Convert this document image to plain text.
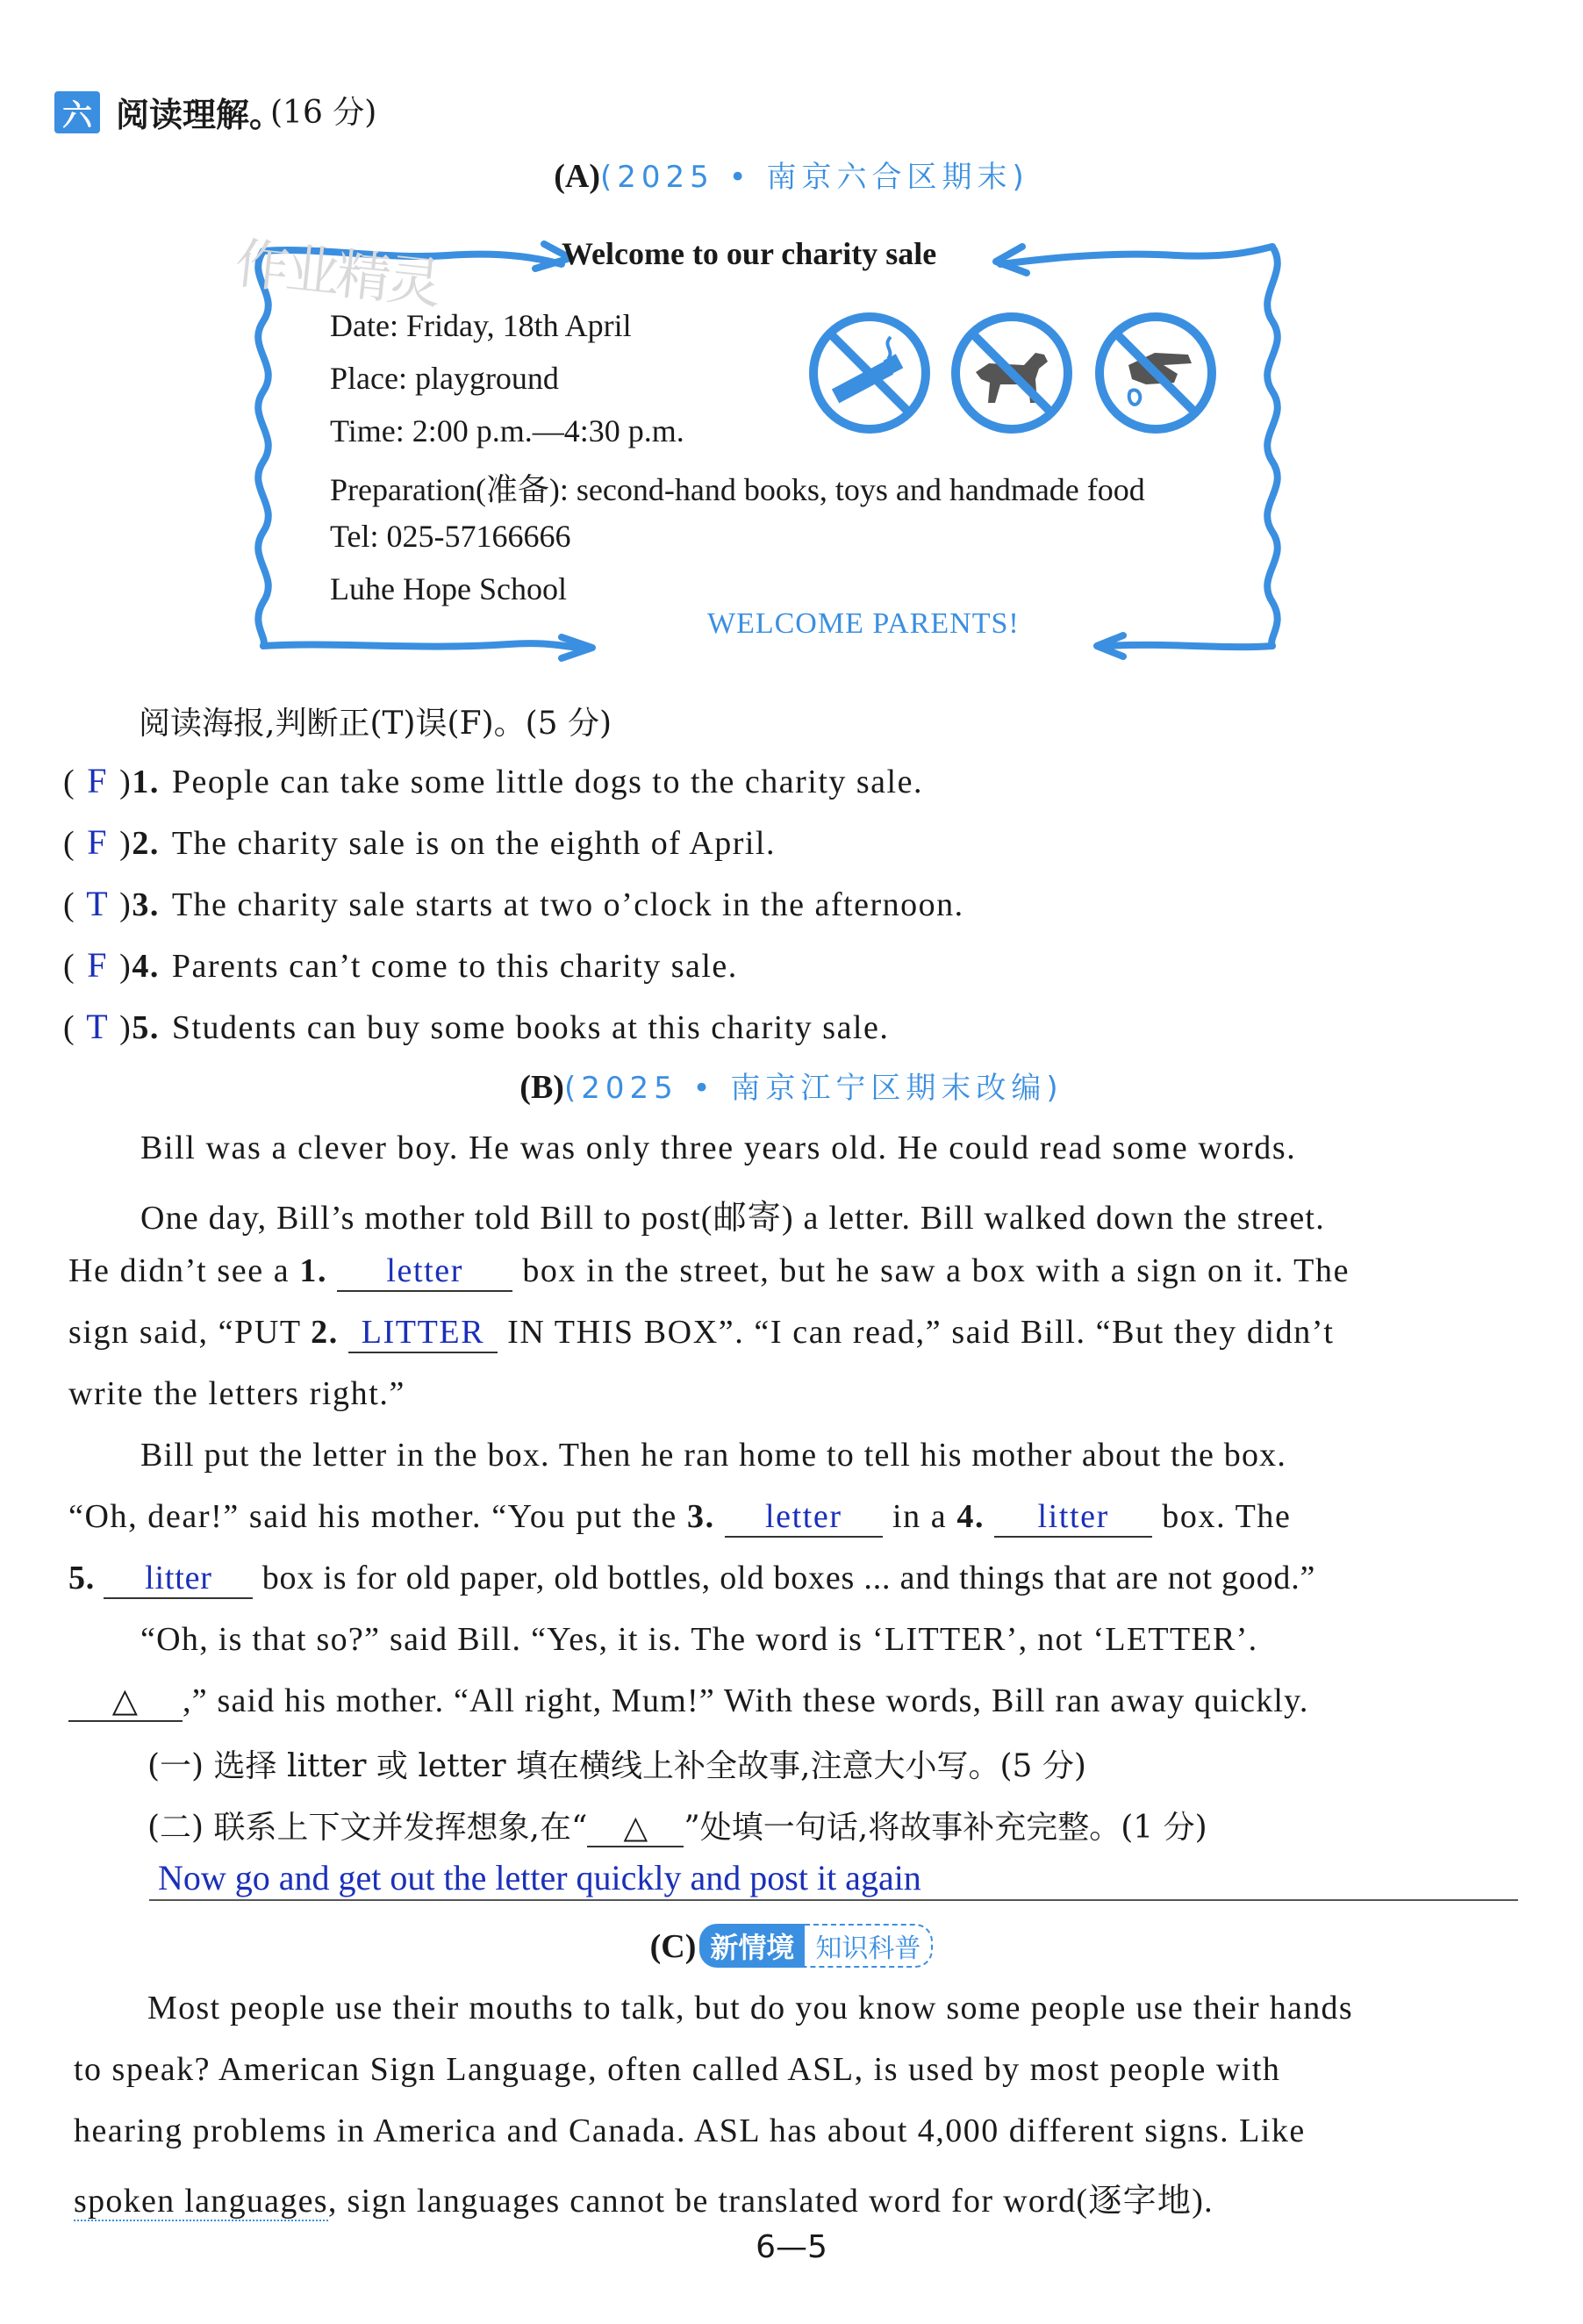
六 阅读理解。
(16 分)
(A)(2025 • 南京六合区期末)
作业精灵	Welcome to our charity sale
Date: Friday, 18th April
Place: playground
Time: 2:00 p.m.—4:30 p.m.
Preparation(准备): second-hand books, toys and handmade food
Tel: 025-57166666
Luhe Hope School
WELCOME PARENTS!
阅读海报,判断正(T)误(F)。(5 分)
( F )1. People can take some little dogs to the charity sale.
( F )2. The charity sale is on the eighth of April.
( T )3. The charity sale starts at two o’clock in the afternoon.
( F )4. Parents can’t come to this charity sale.
( T )5. Students can buy some books at this charity sale.
(B)(2025 • 南京江宁区期末改编)
Bill was a clever boy. He was only three years old. He could read some words.
One day, Bill’s mother told Bill to post(邮寄) a letter. Bill walked down the street.
He didn’t see a 1. letter box in the street, but he saw a box with a sign on it. The
sign said, “PUT 2. LITTER IN THIS BOX”. “I can read,” said Bill. “But they didn’t
write the letters right.”
Bill put the letter in the box. Then he ran home to tell his mother about the box.
“Oh, dear!” said his mother. “You put the 3. letter in a 4. litter box. The
5. litter box is for old paper, old bottles, old boxes ... and things that are not good.”
“Oh, is that so?” said Bill. “Yes, it is. The word is ‘LITTER’, not ‘LETTER’.
△ ,” said his mother. “All right, Mum!” With these words, Bill ran away quickly.
(一) 选择 litter 或 letter 填在横线上补全故事,注意大小写。(5 分)
(二) 联系上下文并发挥想象,在“ △ ”处填一句话,将故事补充完整。(1 分)
Now go and get out the letter quickly and post it again
(C) 新情境 知识科普
Most people use their mouths to talk, but do you know some people use their hands
to speak? American Sign Language, often called ASL, is used by most people with
hearing problems in America and Canada. ASL has about 4,000 different signs. Like
spoken languages, sign languages cannot be translated word for word(逐字地).
6—5
